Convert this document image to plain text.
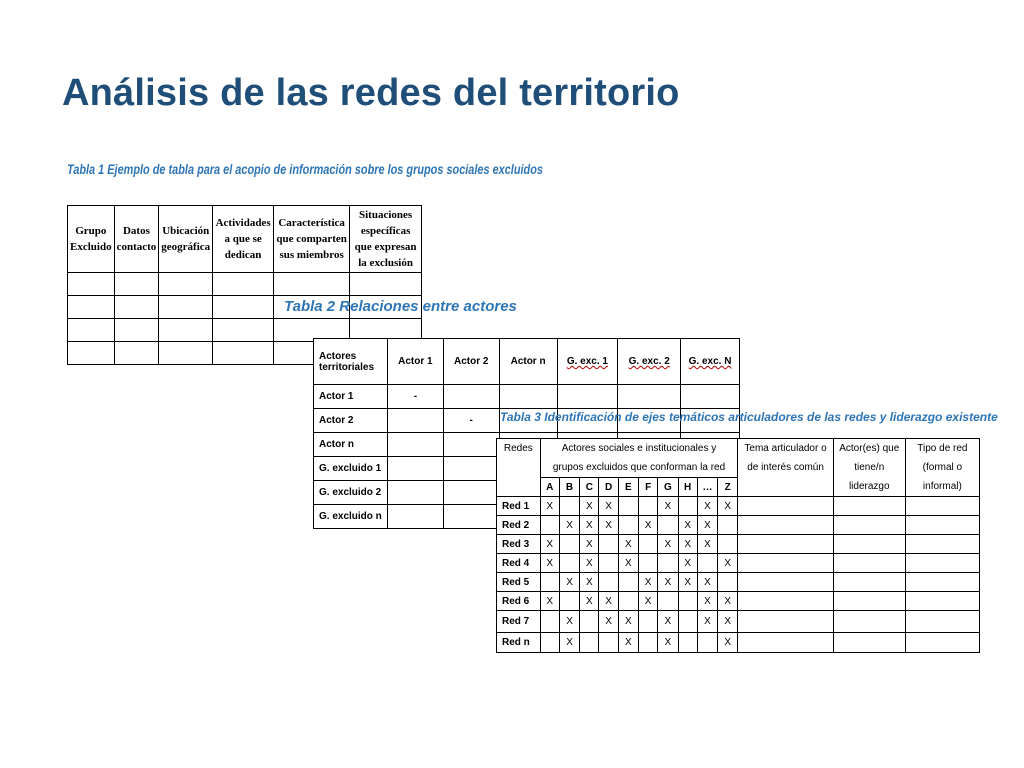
Análisis de las redes del territorio
Tabla 1 Ejemplo de tabla para el acopio de información sobre los grupos sociales excluidos
Grupo Excluido	Datos contacto	Ubicación geográfica	Actividades a que se dedican	Característica que comparten sus miembros	Situaciones específicas que expresan la exclusión

Tabla 2 Relaciones entre actores
Actores territoriales	Actor 1	Actor 2	Actor n	G. exc. 1	G. exc. 2	G. exc. N
Actor 1	-					
Actor 2		-				
Actor n						
G. excluido 1						
G. excluido 2						
G. excluido n						
Tabla 3 Identificación de ejes temáticos articuladores de las redes y liderazgo existente
Redes	Actores sociales e institucionales y grupos excluidos que conforman la red										Tema articulador o de interés común	Actor(es) que tiene/n liderazgo	Tipo de red (formal o informal)
	A	B	C	D	E	F	G	H	…	Z			
Red 1	X		X	X			X		X	X			
Red 2		X	X	X		X		X	X				
Red 3	X		X		X		X	X	X				
Red 4	X		X		X			X		X			
Red 5		X	X			X	X	X	X				
Red 6	X		X	X		X			X	X			
Red 7		X		X	X		X		X	X			
Red n		X			X		X			X			
